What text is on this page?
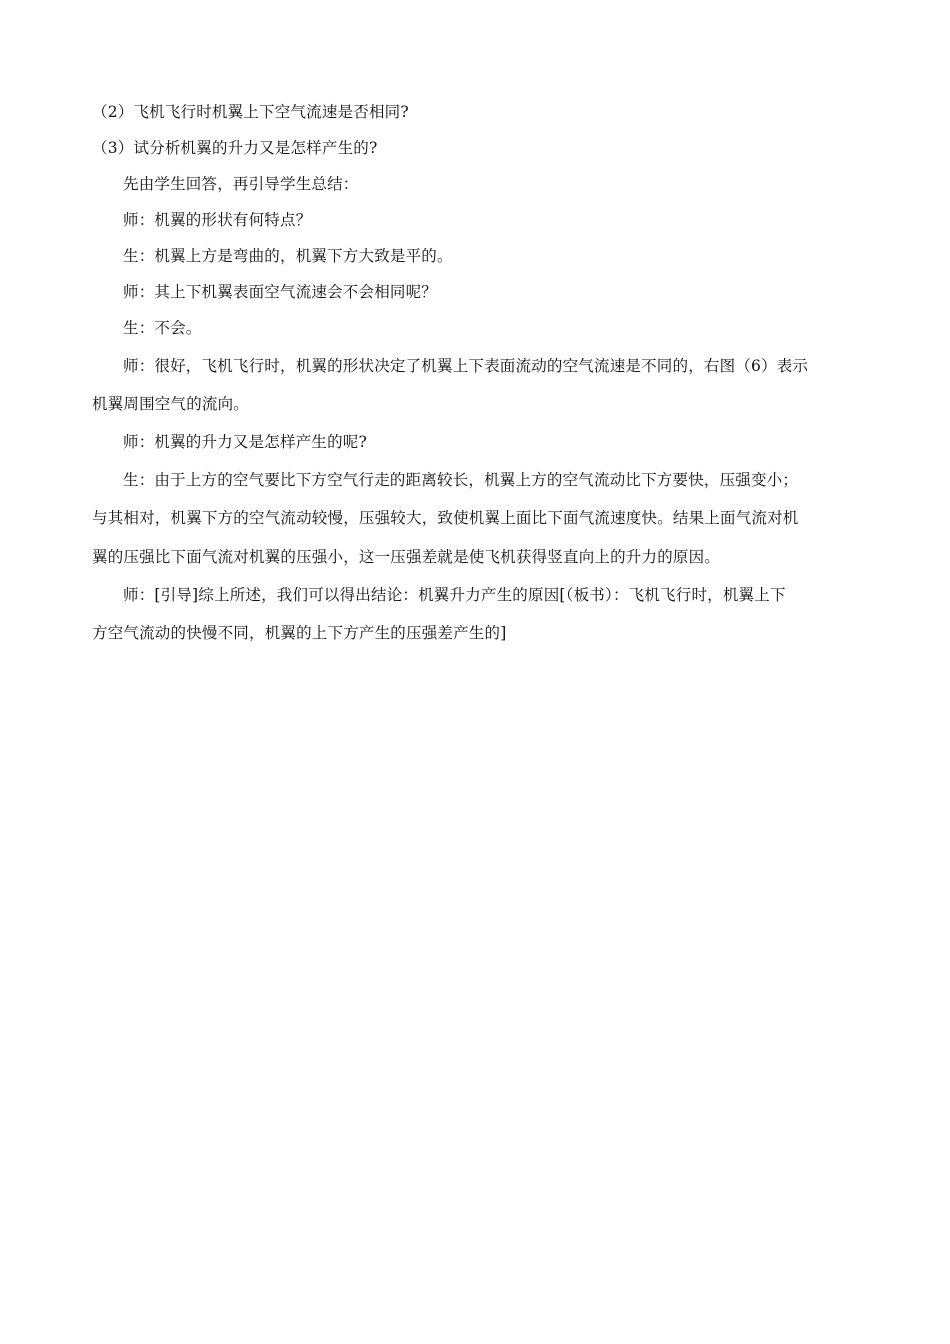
（2）飞机飞行时机翼上下空气流速是否相同?
（3）试分析机翼的升力又是怎样产生的?
先由学生回答，再引导学生总结：
师：机翼的形状有何特点？
生：机翼上方是弯曲的，机翼下方大致是平的。
师：其上下机翼表面空气流速会不会相同呢？
生：不会。
师：很好，飞机飞行时，机翼的形状决定了机翼上下表面流动的空气流速是不同的，右图（6）表示
机翼周围空气的流向。
师：机翼的升力又是怎样产生的呢?
生：由于上方的空气要比下方空气行走的距离较长，机翼上方的空气流动比下方要快，压强变小；
与其相对，机翼下方的空气流动较慢，压强较大，致使机翼上面比下面气流速度快。结果上面气流对机
翼的压强比下面气流对机翼的压强小，这一压强差就是使飞机获得竖直向上的升力的原因。
师：[引导]综上所述，我们可以得出结论：机翼升力产生的原因[（板书）：飞机飞行时，机翼上下
方空气流动的快慢不同，机翼的上下方产生的压强差产生的]
